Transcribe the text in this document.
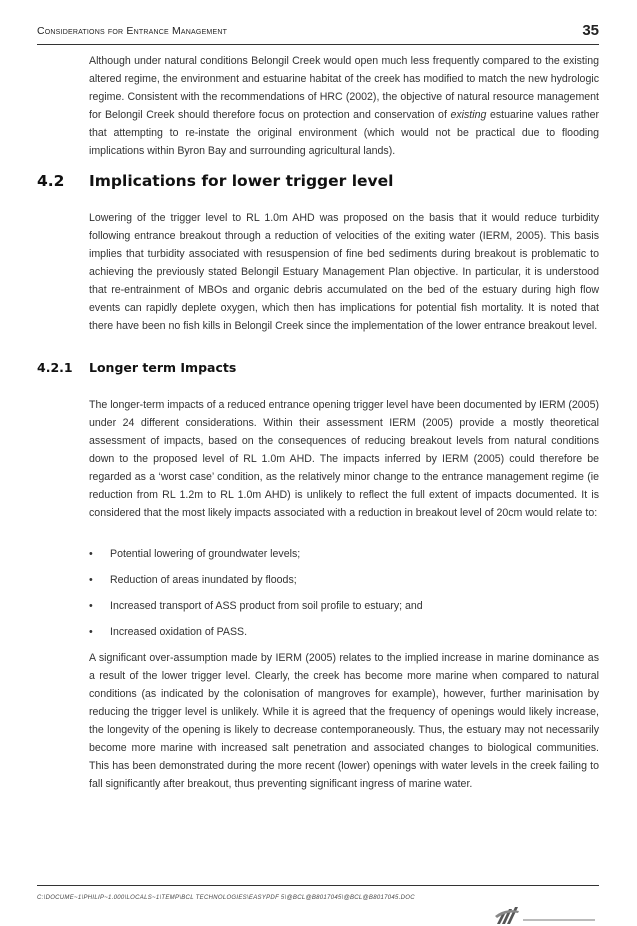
Considerations for Entrance Management	35

Although under natural conditions Belongil Creek would open much less frequently compared to the existing altered regime, the environment and estuarine habitat of the creek has modified to match the new hydrologic regime. Consistent with the recommendations of HRC (2002), the objective of natural resource management for Belongil Creek should therefore focus on protection and conservation of existing estuarine values rather that attempting to re-instate the original environment (which would not be practical due to flooding implications within Byron Bay and surrounding agricultural lands).

4.2 Implications for lower trigger level

Lowering of the trigger level to RL 1.0m AHD was proposed on the basis that it would reduce turbidity following entrance breakout through a reduction of velocities of the exiting water (IERM, 2005). This basis implies that turbidity associated with resuspension of fine bed sediments during breakout is problematic to achieving the previously stated Belongil Estuary Management Plan objective. In particular, it is understood that re-entrainment of MBOs and organic debris accumulated on the bed of the estuary during high flow events can rapidly deplete oxygen, which then has implications for potential fish mortality. It is noted that there have been no fish kills in Belongil Creek since the implementation of the lower entrance breakout level.

4.2.1 Longer term Impacts

The longer-term impacts of a reduced entrance opening trigger level have been documented by IERM (2005) under 24 different considerations. Within their assessment IERM (2005) provide a mostly theoretical assessment of impacts, based on the consequences of reducing breakout levels from natural conditions down to the proposed level of RL 1.0m AHD. The impacts inferred by IERM (2005) could therefore be regarded as a ‘worst case’ condition, as the relatively minor change to the entrance management regime (ie reduction from RL 1.2m to RL 1.0m AHD) is unlikely to reflect the full extent of impacts documented. It is considered that the most likely impacts associated with a reduction in breakout level of 20cm would relate to:

• Potential lowering of groundwater levels;
• Reduction of areas inundated by floods;
• Increased transport of ASS product from soil profile to estuary; and
• Increased oxidation of PASS.

A significant over-assumption made by IERM (2005) relates to the implied increase in marine dominance as a result of the lower trigger level. Clearly, the creek has become more marine when compared to natural conditions (as indicated by the colonisation of mangroves for example), however, further marinisation by reducing the trigger level is unlikely. While it is agreed that the frequency of openings would likely increase, the longevity of the opening is likely to decrease contemporaneously. Thus, the estuary may not necessarily become more marine with increased salt penetration and associated changes to biological communities. This has been demonstrated during the more recent (lower) openings with water levels in the creek failing to fall significantly after breakout, thus preventing significant ingress of marine water.

C:\DOCUME~1\PHILIP~1.000\LOCALS~1\TEMP\BCL TECHNOLOGIES\EASYPDF 5\@BCL@B8017045\@BCL@B8017045.DOC
